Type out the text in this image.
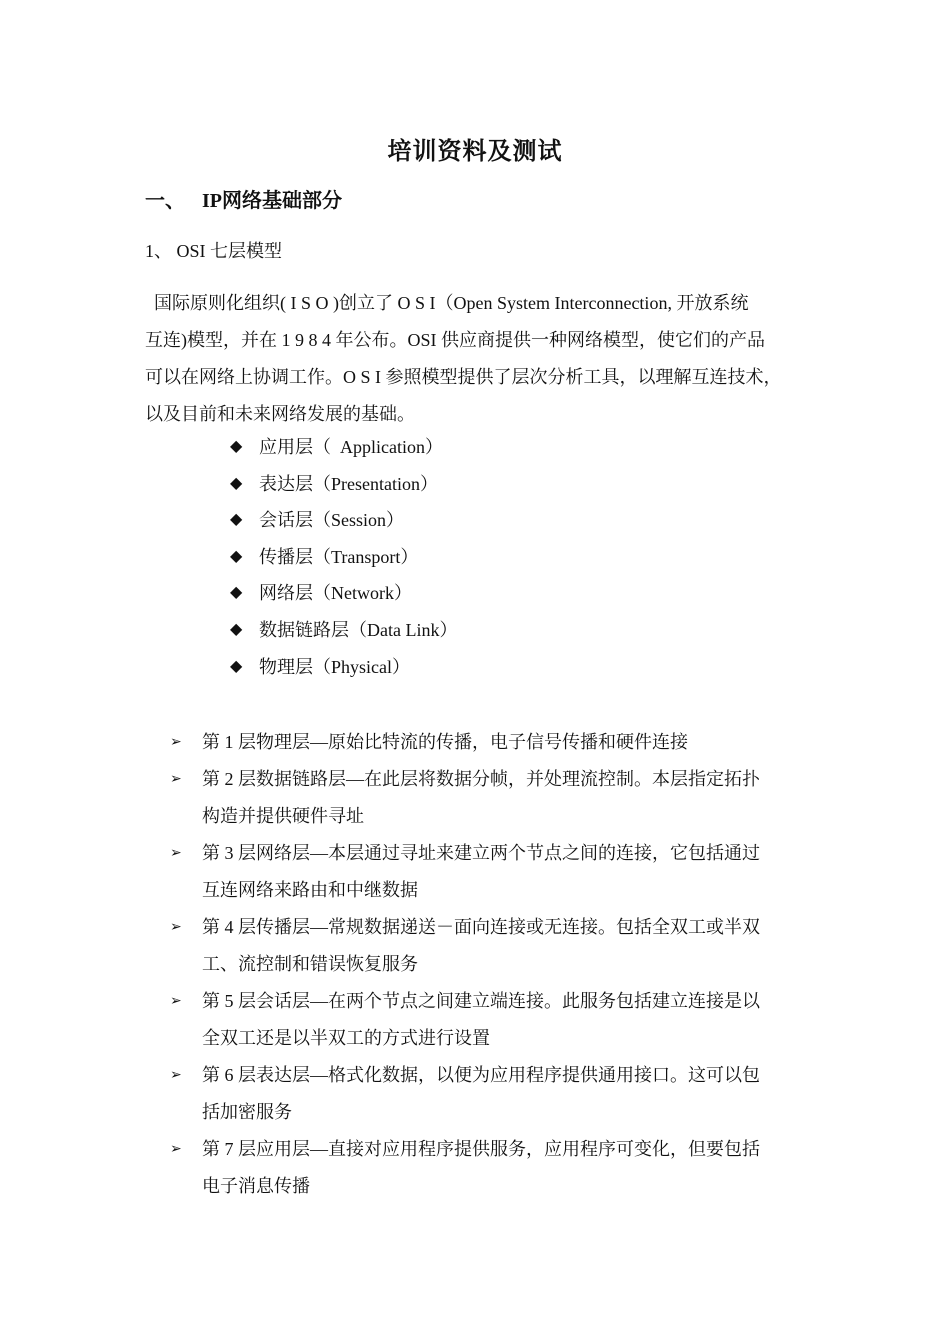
培训资料及测试
一、 IP网络基础部分
1、 OSI 七层模型
国际原则化组织( I S O )创立了 O S I（Open System Interconnection, 开放系统
互连)模型，并在 1 9 8 4 年公布。OSI 供应商提供一种网络模型，使它们的产品
可以在网络上协调工作。O S I 参照模型提供了层次分析工具，以理解互连技术，
以及目前和未来网络发展的基础。
◆ 应用层（  Application）
◆ 表达层（Presentation）
◆ 会话层（Session）
◆ 传播层（Transport）
◆ 网络层（Network）
◆ 数据链路层（Data Link）
◆ 物理层（Physical）
➢	第 1 层物理层—原始比特流的传播，电子信号传播和硬件连接
➢	第 2 层数据链路层—在此层将数据分帧，并处理流控制。本层指定拓扑
构造并提供硬件寻址
➢	第 3 层网络层—本层通过寻址来建立两个节点之间的连接，它包括通过
互连网络来路由和中继数据
➢	第 4 层传播层—常规数据递送－面向连接或无连接。包括全双工或半双
工、流控制和错误恢复服务
➢	第 5 层会话层—在两个节点之间建立端连接。此服务包括建立连接是以
全双工还是以半双工的方式进行设置
➢	第 6 层表达层—格式化数据，以便为应用程序提供通用接口。这可以包
括加密服务
➢	第 7 层应用层—直接对应用程序提供服务，应用程序可变化，但要包括
电子消息传播
